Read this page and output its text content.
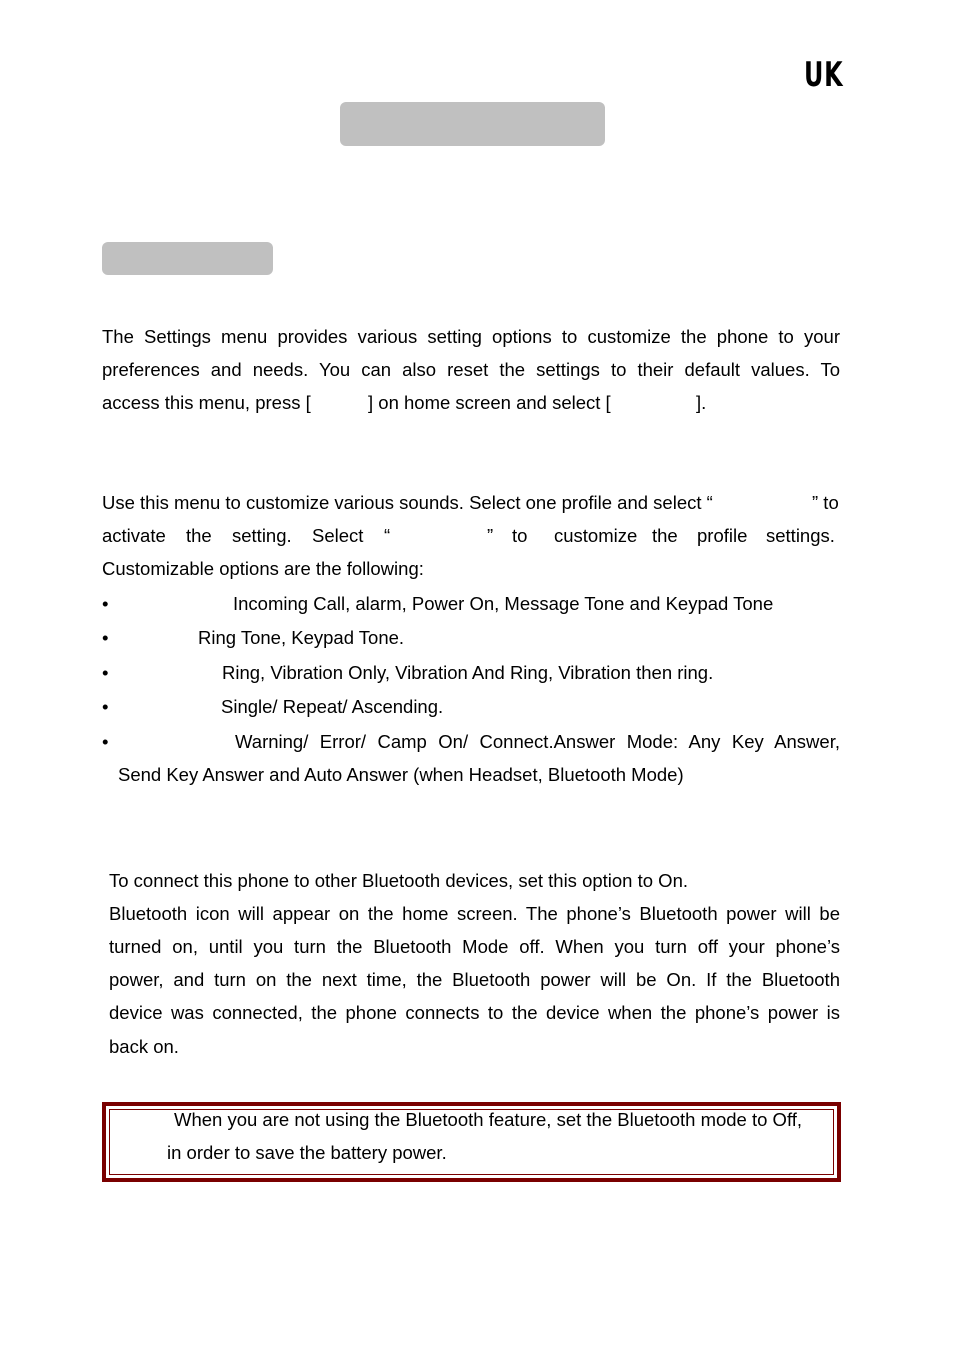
UK
The Settings menu provides various setting options to customize the phone to your
preferences and needs. You can also reset the settings to their default values. To
access this menu, press [	] on home screen and select [	].
Use this menu to customize various sounds. Select one profile and select “	” to
activate the setting. Select “	” to customize the profile settings.
Customizable options are the following:
•	Incoming Call, alarm, Power On, Message Tone and Keypad Tone
•	Ring Tone, Keypad Tone.
•	Ring, Vibration Only, Vibration And Ring, Vibration then ring.
•	Single/ Repeat/ Ascending.
•	Warning/ Error/ Camp On/ Connect.Answer Mode: Any Key Answer,
Send Key Answer and Auto Answer (when Headset, Bluetooth Mode)
To connect this phone to other Bluetooth devices, set this option to On.
Bluetooth icon will appear on the home screen. The phone’s Bluetooth power will be
turned on, until you turn the Bluetooth Mode off. When you turn off your phone’s
power, and turn on the next time, the Bluetooth power will be On. If the Bluetooth
device was connected, the phone connects to the device when the phone’s power is
back on.
When you are not using the Bluetooth feature, set the Bluetooth mode to Off,
in order to save the battery power.
